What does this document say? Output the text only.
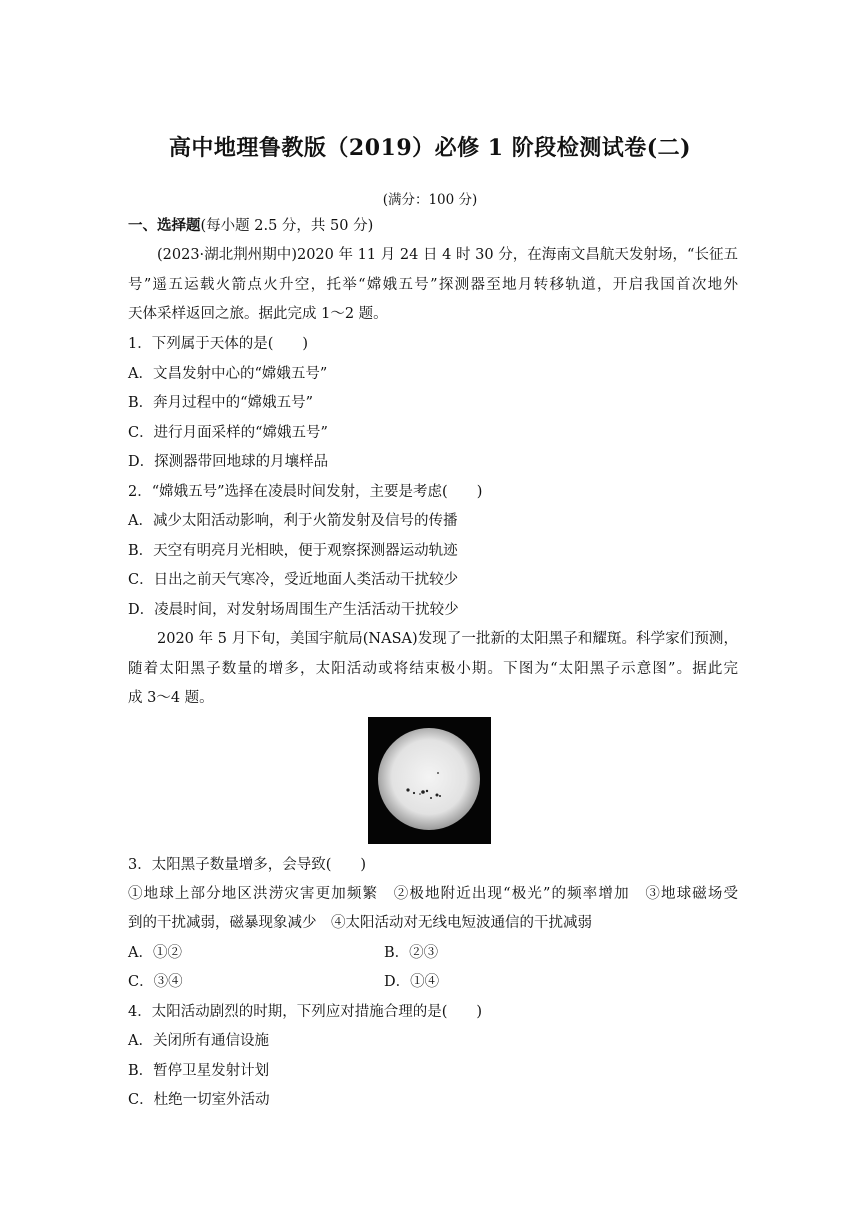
高中地理鲁教版（2019）必修 1 阶段检测试卷(二)
(满分：100 分)
一、选择题(每小题 2.5 分，共 50 分)
(2023·湖北荆州期中)2020 年 11 月 24 日 4 时 30 分，在海南文昌航天发射场，“长征五
号”遥五运载火箭点火升空，托举“嫦娥五号”探测器至地月转移轨道，开启我国首次地外
天体采样返回之旅。据此完成 1～2 题。
1．下列属于天体的是(　　)
A．文昌发射中心的“嫦娥五号”
B．奔月过程中的“嫦娥五号”
C．进行月面采样的“嫦娥五号”
D．探测器带回地球的月壤样品
2．“嫦娥五号”选择在凌晨时间发射，主要是考虑(　　)
A．减少太阳活动影响，利于火箭发射及信号的传播
B．天空有明亮月光相映，便于观察探测器运动轨迹
C．日出之前天气寒冷，受近地面人类活动干扰较少
D．凌晨时间，对发射场周围生产生活活动干扰较少
2020 年 5 月下旬，美国宇航局(NASA)发现了一批新的太阳黑子和耀斑。科学家们预测，
随着太阳黑子数量的增多，太阳活动或将结束极小期。下图为“太阳黑子示意图”。据此完
成 3～4 题。
3．太阳黑子数量增多，会导致(　　)
①地球上部分地区洪涝灾害更加频繁　②极地附近出现“极光”的频率增加　③地球磁场受
到的干扰减弱，磁暴现象减少　④太阳活动对无线电短波通信的干扰减弱
A．①②	B．②③
C．③④	D．①④
4．太阳活动剧烈的时期，下列应对措施合理的是(　　)
A．关闭所有通信设施
B．暂停卫星发射计划
C．杜绝一切室外活动
